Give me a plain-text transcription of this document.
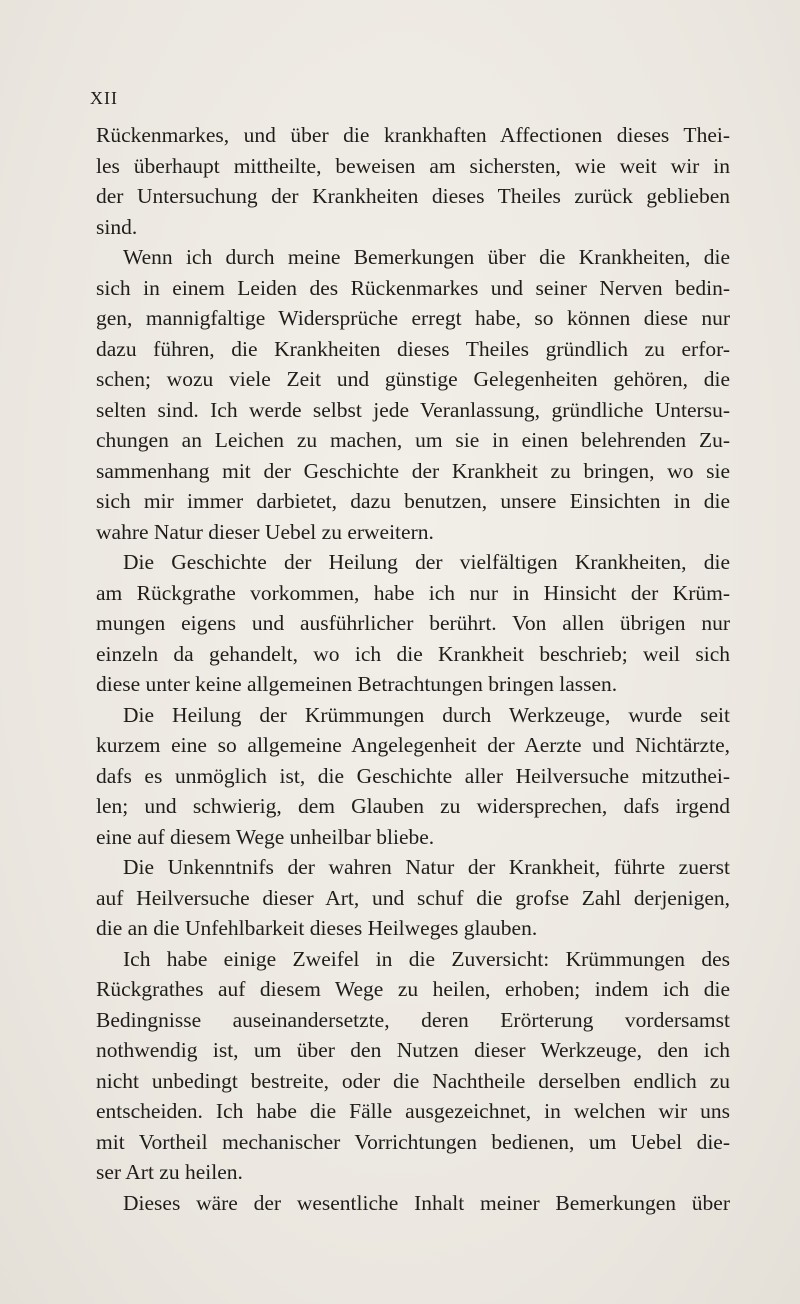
XII
Rückenmarkes, und über die krankhaften Affectionen dieses Thei-
les überhaupt mittheilte, beweisen am sichersten, wie weit wir in
der Untersuchung der Krankheiten dieses Theiles zurück geblieben
sind.
Wenn ich durch meine Bemerkungen über die Krankheiten, die
sich in einem Leiden des Rückenmarkes und seiner Nerven bedin-
gen, mannigfaltige Widersprüche erregt habe, so können diese nur
dazu führen, die Krankheiten dieses Theiles gründlich zu erfor-
schen; wozu viele Zeit und günstige Gelegenheiten gehören, die
selten sind. Ich werde selbst jede Veranlassung, gründliche Untersu-
chungen an Leichen zu machen, um sie in einen belehrenden Zu-
sammenhang mit der Geschichte der Krankheit zu bringen, wo sie
sich mir immer darbietet, dazu benutzen, unsere Einsichten in die
wahre Natur dieser Uebel zu erweitern.
Die Geschichte der Heilung der vielfältigen Krankheiten, die
am Rückgrathe vorkommen, habe ich nur in Hinsicht der Krüm-
mungen eigens und ausführlicher berührt. Von allen übrigen nur
einzeln da gehandelt, wo ich die Krankheit beschrieb; weil sich
diese unter keine allgemeinen Betrachtungen bringen lassen.
Die Heilung der Krümmungen durch Werkzeuge, wurde seit
kurzem eine so allgemeine Angelegenheit der Aerzte und Nichtärzte,
dafs es unmöglich ist, die Geschichte aller Heilversuche mitzuthei-
len; und schwierig, dem Glauben zu widersprechen, dafs irgend
eine auf diesem Wege unheilbar bliebe.
Die Unkenntnifs der wahren Natur der Krankheit, führte zuerst
auf Heilversuche dieser Art, und schuf die grofse Zahl derjenigen,
die an die Unfehlbarkeit dieses Heilweges glauben.
Ich habe einige Zweifel in die Zuversicht: Krümmungen des
Rückgrathes auf diesem Wege zu heilen, erhoben; indem ich die
Bedingnisse auseinandersetzte, deren Erörterung vordersamst
nothwendig ist, um über den Nutzen dieser Werkzeuge, den ich
nicht unbedingt bestreite, oder die Nachtheile derselben endlich zu
entscheiden. Ich habe die Fälle ausgezeichnet, in welchen wir uns
mit Vortheil mechanischer Vorrichtungen bedienen, um Uebel die-
ser Art zu heilen.
Dieses wäre der wesentliche Inhalt meiner Bemerkungen über
